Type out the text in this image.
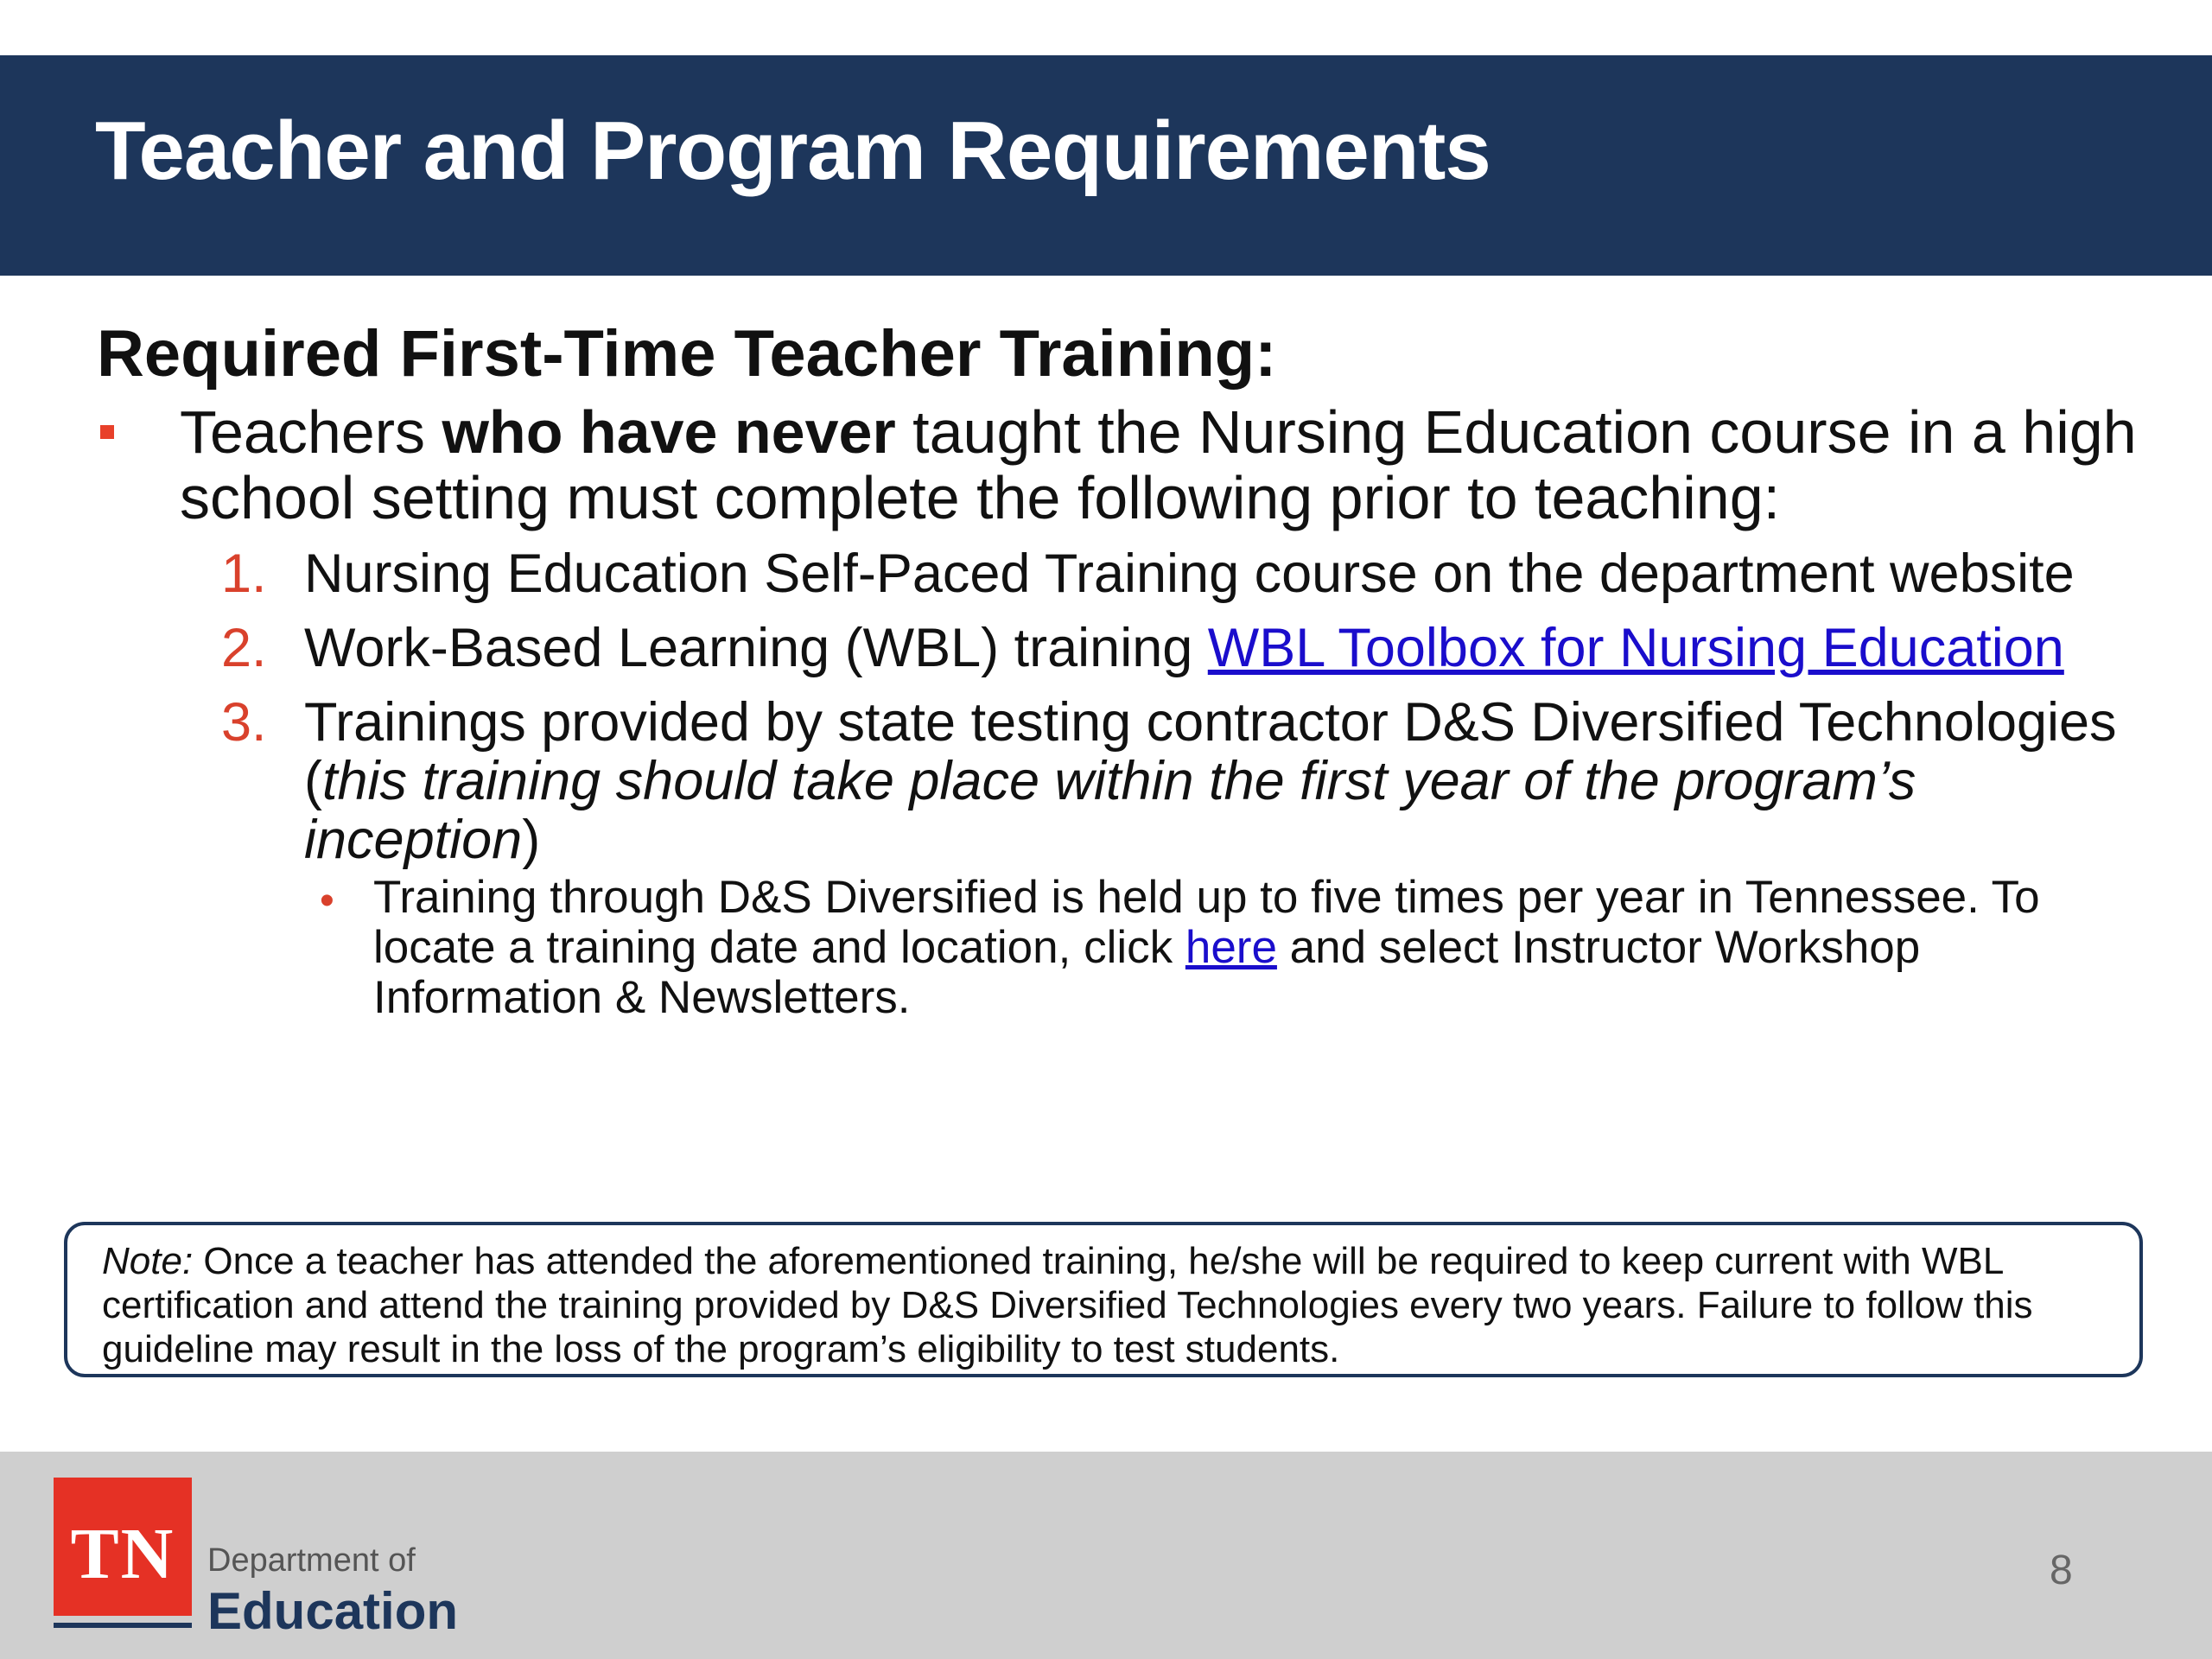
Teacher and Program Requirements

Required First-Time Teacher Training:

Teachers who have never taught the Nursing Education course in a high school setting must complete the following prior to teaching:
1. Nursing Education Self-Paced Training course on the department website
2. Work-Based Learning (WBL) training WBL Toolbox for Nursing Education
3. Trainings provided by state testing contractor D&S Diversified Technologies (this training should take place within the first year of the program’s inception)
• Training through D&S Diversified is held up to five times per year in Tennessee. To locate a training date and location, click here and select Instructor Workshop Information & Newsletters.
Note: Once a teacher has attended the aforementioned training, he/she will be required to keep current with WBL certification and attend the training provided by D&S Diversified Technologies every two years. Failure to follow this guideline may result in the loss of the program’s eligibility to test students.
TN Department of
Education
8
